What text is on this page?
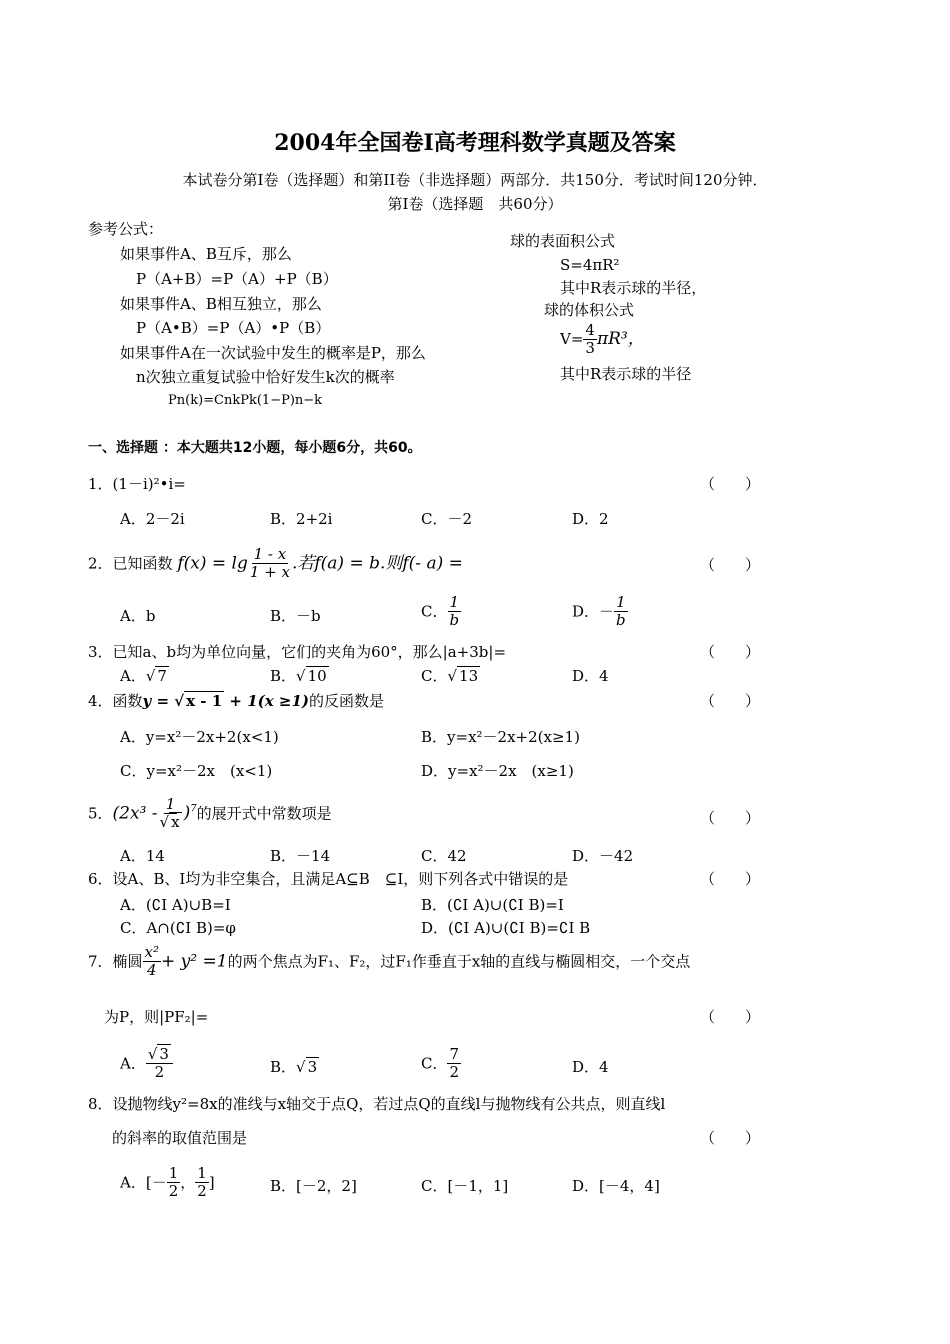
2004年全国卷I高考理科数学真题及答案
本试卷分第I卷（选择题）和第II卷（非选择题）两部分．共150分．考试时间120分钟．
第I卷（选择题　共60分）
参考公式：
如果事件A、B互斥，那么
P（A+B）=P（A）+P（B）
如果事件A、B相互独立，那么
P（A•B）=P（A）•P（B）
如果事件A在一次试验中发生的概率是P，那么
n次独立重复试验中恰好发生k次的概率
Pn(k)=CnkPk(1−P)n−k
球的表面积公式
S=4πR²
其中R表示球的半径，
球的体积公式
$V= \frac{4}{3} \pi R^3$，
其中R表示球的半径
一、选择题 ：本大题共12小题，每小题6分，共60。
1．(1－i)²•i=	（　　）
A．2－2i	B．2+2i	C．－2	D．2
2．已知函数 $f(x) = \lg \frac{1 - x}{1 + x}$ .若f(a) = b.则f(- a) =	（　　）
A．b	B．－b	C． $\frac{1}{b}$	D．－ $\frac{1}{b}$
3．已知a、b均为单位向量，它们的夹角为60°，那么|a+3b|=	（　　）
A．√ 7	B．√ 10	C．√ 13	D．4
4．函数y = √ x - 1 + 1(x ≥1)的反函数是	（　　）
A．y=x²－2x+2(x<1)	B．y=x²－2x+2(x≥1)
C．y=x²－2x　(x<1)	D．y=x²－2x　(x≥1)
5．$(2x^3 - \frac{1}{√ x} )^7$的展开式中常数项是	（　　）
A．14	B．－14	C．42	D．－42
6．设A、B、I均为非空集合，且满足A⊆B　⊆I，则下列各式中错误的是	（　　）
A．(∁I A)∪B=I	B．(∁I A)∪(∁I B)=I
C．A∩(∁I B)=φ	D．(∁I A)∪(∁I B)=∁I B
7．椭圆 $\frac{\text{x²}}{4} + y^2 =1$的两个焦点为F₁、F₂，过F₁作垂直于x轴的直线与椭圆相交，一个交点
为P，则|PF₂|=	（　　）
A． $\frac{√ 3}{2}$	B．√ 3	C． $\frac{7}{2}$	D．4
8．设抛物线y²=8x的准线与x轴交于点Q，若过点Q的直线l与抛物线有公共点，则直线l
的斜率的取值范围是	（　　）
A．[－ $\frac{1}{2}$ ， $\frac{1}{2}$ ]	B．[－2，2]	C．[－1，1]	D．[－4，4]
